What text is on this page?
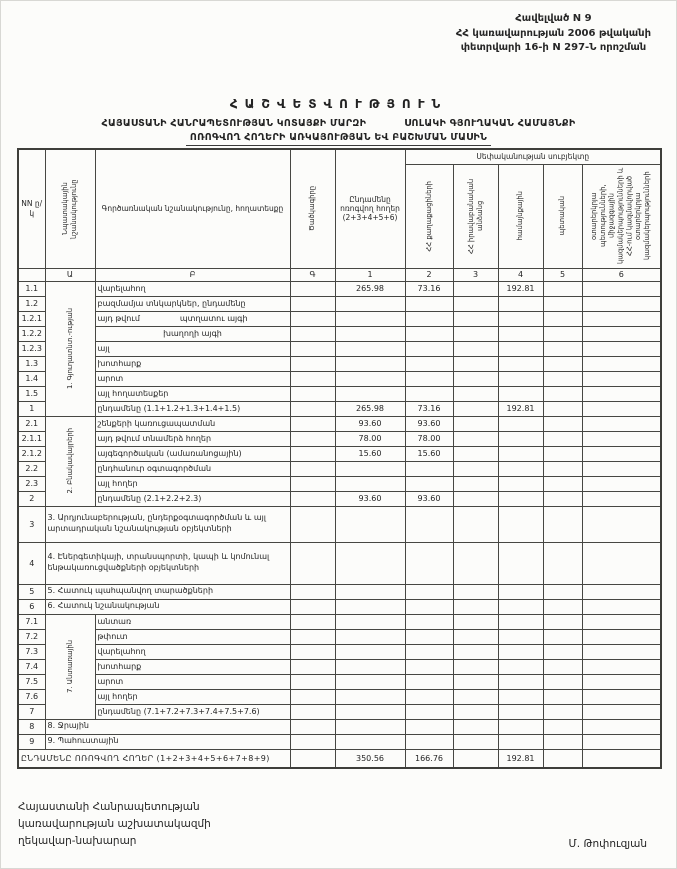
Հավելված N 9
ՀՀ կառավարության 2006 թվականի
փետրվարի 16-ի N 297-Ն որոշման
ՀԱՇՎԵՏՎՈՒԹՅՈՒՆ
ՀԱՅԱՍՏԱՆԻ ՀԱՆՐԱՊԵՏՈՒԹՅԱՆ ԿՈՏԱՅՔԻ ՄԱՐԶԻ	ՍՈԼԱԿԻ ԳՅՈՒՂԱԿԱՆ ՀԱՄԱՅՆՔԻ
ՈՌՈԳՎՈՂ ՀՈՂԵՐԻ ԱՌԿԱՅՈՒԹՅԱՆ ԵՎ ԲԱՇԽՄԱՆ ՄԱՍԻՆ
NN ը/կ	Նպատակային նշանակությունը	Գործառնական նշանակությունը, հողատեսքը	Ծածկագիրը	Ընդամենը ոռոգվող հողեր (2+3+4+5+6)	Սեփականության սուբյեկտը				

					ՀՀ քաղաքացիների	ՀՀ իրավաբանական անձանց	համայնքային	պետական	օտարերկրյա պետությունների, միջազգային կազմակերպությունների և ՀՀ-ում կազմավորված օտարերկրյա կազմակերպությունների

	Ա	Բ	Գ	1	2	3	4	5	6
1.1	1. Գյուղատնտ.-ության	վարելահող		265.98	73.16		192.81		
1.2		բազմամյա տնկարկներ, ընդամենը							
1.2.1		այդ թվում պտղատու այգի							

1.2.2		խաղողի այգի							

1.2.3		այլ							
1.3		խոտհարք							
1.4		արոտ							
1.5		այլ հողատեսքեր							
1		ընդամենը (1.1+1.2+1.3+1.4+1.5)		265.98	73.16		192.81		
2.1	2. Բնակավայրերի	շենքերի կառուցապատման		93.60	93.60				
2.1.1		այդ թվում տնամերձ հողեր		78.00	78.00				
2.1.2		այգեգործական (ամառանոցային)		15.60	15.60				
2.2		ընդհանուր օգտագործման							
2.3		այլ հողեր							
2		ընդամենը (2.1+2.2+2.3)		93.60	93.60				
3	3. Արդյունաբերության, ընդերքօգտագործման և այլ արտադրական նշանակության օբյեկտների								
4	4. Էներգետիկայի, տրանսպորտի, կապի և կոմունալ ենթակառուցվածքների օբյեկտների								
5	5. Հատուկ պահպանվող տարածքների								
6	6. Հատուկ նշանակության								
7.1	7. Անտառային	անտառ							
7.2		թփուտ							
7.3		վարելահող							
7.4		խոտհարք							
7.5		արոտ							
7.6		այլ հողեր							
7		ընդամենը (7.1+7.2+7.3+7.4+7.5+7.6)							
8	8. Ջրային								
9	9. Պահուստային								
ԸՆԴԱՄԵՆԸ ՈՌՈԳՎՈՂ ՀՈՂԵՐ (1+2+3+4+5+6+7+8+9)				350.56	166.76		192.81		
Հայաստանի Հանրապետության
կառավարության աշխատակազմի
ղեկավար-նախարար	Մ. Թոփուզյան
